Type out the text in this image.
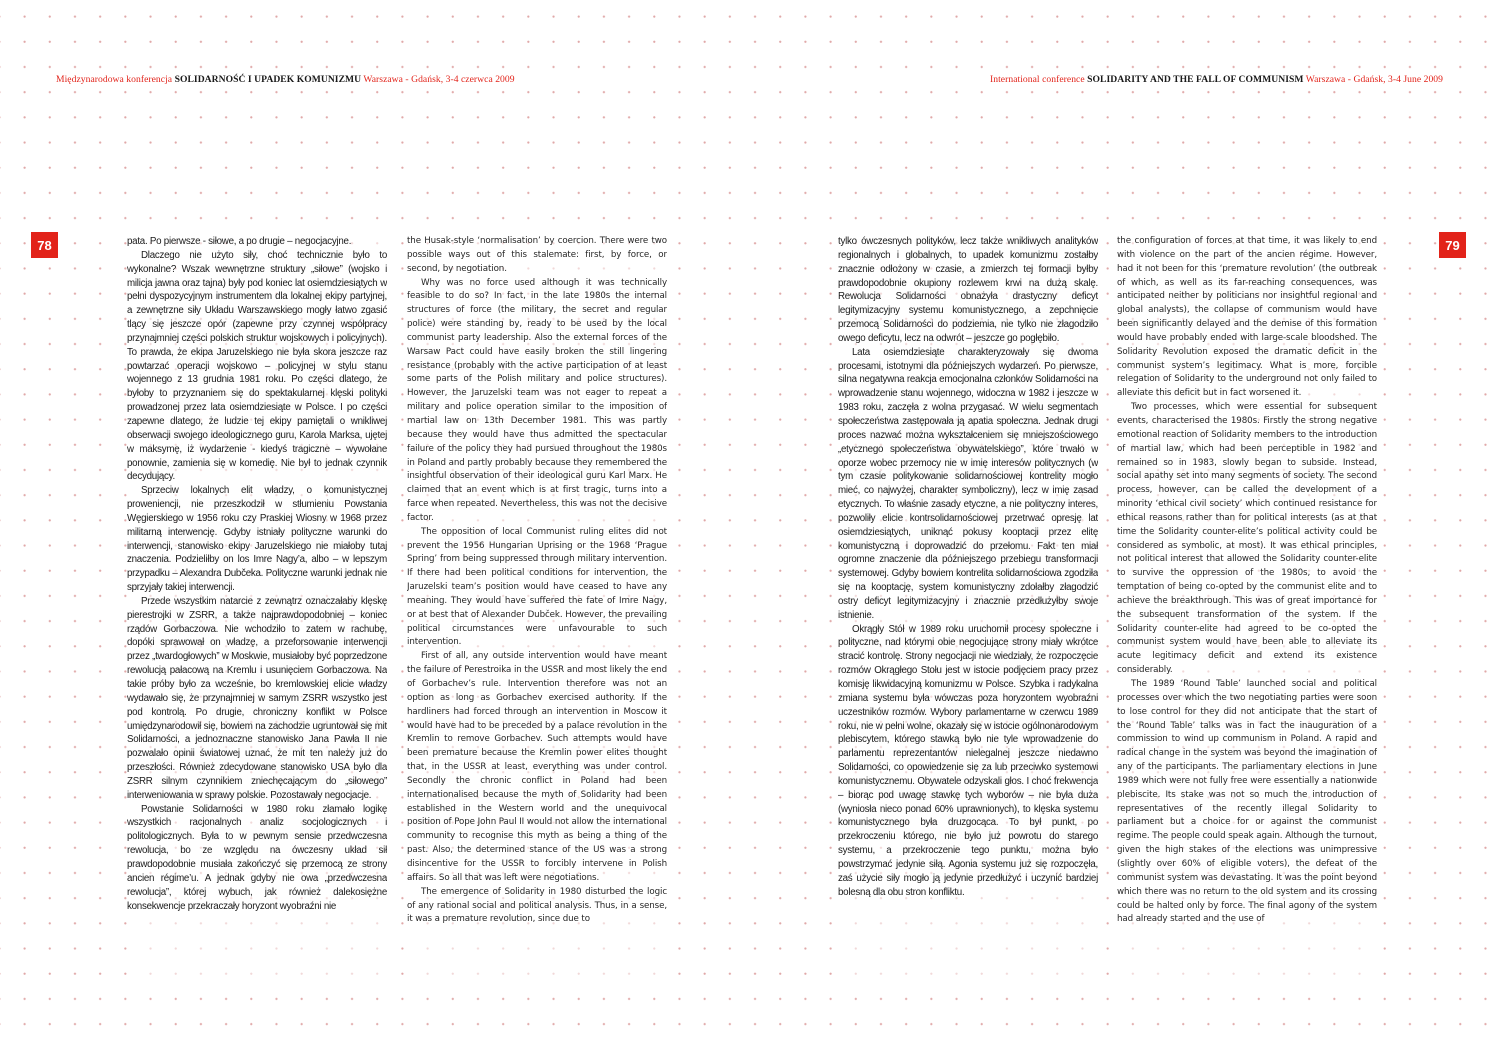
Międzynarodowa konferencja SOLIDARNOŚĆ I UPADEK KOMUNIZMU Warszawa - Gdańsk, 3-4 czerwca 2009	International conference SOLIDARITY AND THE FALL OF COMMUNISM Warszawa - Gdańsk, 3-4 June 2009
78	79

pata. Po pierwsze - siłowe, a po drugie – negocjacyjne.

Dlaczego nie użyto siły, choć technicznie było to wykonalne? Wszak wewnętrzne struktury „siłowe” (wojsko i milicja jawna oraz tajna) były pod koniec lat osiemdziesiątych w pełni dyspozycyjnym instrumentem dla lokalnej ekipy partyjnej, a zewnętrzne siły Układu Warszawskiego mogły łatwo zgasić tlący się jeszcze opór (zapewne przy czynnej współpracy przynajmniej części polskich struktur wojskowych i policyjnych). To prawda, że ekipa Jaruzelskiego nie była skora jeszcze raz powtarzać operacji wojskowo – policyjnej w stylu stanu wojennego z 13 grudnia 1981 roku. Po części dlatego, że byłoby to przyznaniem się do spektakularnej klęski polityki prowadzonej przez lata osiemdziesiąte w Polsce. I po części zapewne dlatego, że ludzie tej ekipy pamiętali o wnikliwej obserwacji swojego ideologicznego guru, Karola Marksa, ujętej w maksymę, iż wydarzenie - kiedyś tragiczne – wywołane ponownie, zamienia się w komedię. Nie był to jednak czynnik decydujący.

Sprzeciw lokalnych elit władzy, o komunistycznej proweniencji, nie przeszkodził w stłumieniu Powstania Węgierskiego w 1956 roku czy Praskiej Wiosny w 1968 przez militarną interwencję. Gdyby istniały polityczne warunki do interwencji, stanowisko ekipy Jaruzelskiego nie miałoby tutaj znaczenia. Podzieliłby on los Imre Nagy’a, albo – w lepszym przypadku – Alexandra Dubčeka. Polityczne warunki jednak nie sprzyjały takiej interwencji.

Przede wszystkim natarcie z zewnątrz oznaczałaby klęskę pierestrojki w ZSRR, a także najprawdopodobniej – koniec rządów Gorbaczowa. Nie wchodziło to zatem w rachubę, dopóki sprawował on władzę, a przeforsowanie interwencji przez „twardogłowych” w Moskwie, musiałoby być poprzedzone rewolucją pałacową na Kremlu i usunięciem Gorbaczowa. Na takie próby było za wcześnie, bo kremlowskiej elicie władzy wydawało się, że przynajmniej w samym ZSRR wszystko jest pod kontrolą. Po drugie, chroniczny konflikt w Polsce umiędzynarodowił się, bowiem na zachodzie ugruntował się mit Solidarności, a jednoznaczne stanowisko Jana Pawła II nie pozwalało opinii światowej uznać, że mit ten należy już do przeszłości. Również zdecydowane stanowisko USA było dla ZSRR silnym czynnikiem zniechęcającym do „siłowego” interweniowania w sprawy polskie. Pozostawały negocjacje.

Powstanie Solidarności w 1980 roku złamało logikę wszystkich racjonalnych analiz socjologicznych i politologicznych. Była to w pewnym sensie przedwczesna rewolucja, bo ze względu na ówczesny układ sił prawdopodobnie musiała zakończyć się przemocą ze strony ancien régime’u. A jednak gdyby nie owa „przedwczesna rewolucja”, której wybuch, jak również dalekosiężne konsekwencje przekraczały horyzont wyobraźni nie

the Husak-style ‘normalisation’ by coercion. There were two possible ways out of this stalemate: first, by force, or second, by negotiation.

Why was no force used although it was technically feasible to do so? In fact, in the late 1980s the internal structures of force (the military, the secret and regular police) were standing by, ready to be used by the local communist party leadership. Also the external forces of the Warsaw Pact could have easily broken the still lingering resistance (probably with the active participation of at least some parts of the Polish military and police structures). However, the Jaruzelski team was not eager to repeat a military and police operation similar to the imposition of martial law on 13th December 1981. This was partly because they would have thus admitted the spectacular failure of the policy they had pursued throughout the 1980s in Poland and partly probably because they remembered the insightful observation of their ideological guru Karl Marx. He claimed that an event which is at first tragic, turns into a farce when repeated. Nevertheless, this was not the decisive factor.

The opposition of local Communist ruling elites did not prevent the 1956 Hungarian Uprising or the 1968 ‘Prague Spring’ from being suppressed through military intervention. If there had been political conditions for intervention, the Jaruzelski team’s position would have ceased to have any meaning. They would have suffered the fate of Imre Nagy, or at best that of Alexander Dubček. However, the prevailing political circumstances were unfavourable to such intervention.

First of all, any outside intervention would have meant the failure of Perestroika in the USSR and most likely the end of Gorbachev’s rule. Intervention therefore was not an option as long as Gorbachev exercised authority. If the hardliners had forced through an intervention in Moscow it would have had to be preceded by a palace revolution in the Kremlin to remove Gorbachev. Such attempts would have been premature because the Kremlin power elites thought that, in the USSR at least, everything was under control. Secondly the chronic conflict in Poland had been internationalised because the myth of Solidarity had been established in the Western world and the unequivocal position of Pope John Paul II would not allow the international community to recognise this myth as being a thing of the past. Also, the determined stance of the US was a strong disincentive for the USSR to forcibly intervene in Polish affairs. So all that was left were negotiations.

The emergence of Solidarity in 1980 disturbed the logic of any rational social and political analysis. Thus, in a sense, it was a premature revolution, since due to

tylko ówczesnych polityków, lecz także wnikliwych analityków regionalnych i globalnych, to upadek komunizmu zostałby znacznie odłożony w czasie, a zmierzch tej formacji byłby prawdopodobnie okupiony rozlewem krwi na dużą skalę. Rewolucja Solidarności obnażyła drastyczny deficyt legitymizacyjny systemu komunistycznego, a zepchnięcie przemocą Solidarności do podziemia, nie tylko nie złagodziło owego deficytu, lecz na odwrót – jeszcze go pogłębiło.

Lata osiemdziesiąte charakteryzowały się dwoma procesami, istotnymi dla późniejszych wydarzeń. Po pierwsze, silna negatywna reakcja emocjonalna członków Solidarności na wprowadzenie stanu wojennego, widoczna w 1982 i jeszcze w 1983 roku, zaczęła z wolna przygasać. W wielu segmentach społeczeństwa zastępowała ją apatia społeczna. Jednak drugi proces nazwać można wykształceniem się mniejszościowego „etycznego społeczeństwa obywatelskiego”, które trwało w oporze wobec przemocy nie w imię interesów politycznych (w tym czasie politykowanie solidarnościowej kontrelity mogło mieć, co najwyżej, charakter symboliczny), lecz w imię zasad etycznych. To właśnie zasady etyczne, a nie polityczny interes, pozwoliły elicie kontrsolidarnościowej przetrwać opresję lat osiemdziesiątych, uniknąć pokusy kooptacji przez elitę komunistyczną i doprowadzić do przełomu. Fakt ten miał ogromne znaczenie dla późniejszego przebiegu transformacji systemowej. Gdyby bowiem kontrelita solidarnościowa zgodziła się na kooptację, system komunistyczny zdołałby złagodzić ostry deficyt legitymizacyjny i znacznie przedłużyłby swoje istnienie.

Okrągły Stół w 1989 roku uruchomił procesy społeczne i polityczne, nad którymi obie negocjujące strony miały wkrótce stracić kontrolę. Strony negocjacji nie wiedziały, że rozpoczęcie rozmów Okrągłego Stołu jest w istocie podjęciem pracy przez komisję likwidacyjną komunizmu w Polsce. Szybka i radykalna zmiana systemu była wówczas poza horyzontem wyobraźni uczestników rozmów. Wybory parlamentarne w czerwcu 1989 roku, nie w pełni wolne, okazały się w istocie ogólnonarodowym plebiscytem, którego stawką było nie tyle wprowadzenie do parlamentu reprezentantów nielegalnej jeszcze niedawno Solidarności, co opowiedzenie się za lub przeciwko systemowi komunistycznemu. Obywatele odzyskali głos. I choć frekwencja – biorąc pod uwagę stawkę tych wyborów – nie była duża (wyniosła nieco ponad 60% uprawnionych), to klęska systemu komunistycznego była druzgocąca. To był punkt, po przekroczeniu którego, nie było już powrotu do starego systemu, a przekroczenie tego punktu, można było powstrzymać jedynie siłą. Agonia systemu już się rozpoczęła, zaś użycie siły mogło ją jedynie przedłużyć i uczynić bardziej bolesną dla obu stron konfliktu.

the configuration of forces at that time, it was likely to end with violence on the part of the ancien régime. However, had it not been for this ‘premature revolution’ (the outbreak of which, as well as its far-reaching consequences, was anticipated neither by politicians nor insightful regional and global analysts), the collapse of communism would have been significantly delayed and the demise of this formation would have probably ended with large-scale bloodshed. The Solidarity Revolution exposed the dramatic deficit in the communist system’s legitimacy. What is more, forcible relegation of Solidarity to the underground not only failed to alleviate this deficit but in fact worsened it.

Two processes, which were essential for subsequent events, characterised the 1980s. Firstly the strong negative emotional reaction of Solidarity members to the introduction of martial law, which had been perceptible in 1982 and remained so in 1983, slowly began to subside. Instead, social apathy set into many segments of society. The second process, however, can be called the development of a minority ‘ethical civil society’ which continued resistance for ethical reasons rather than for political interests (as at that time the Solidarity counter-elite’s political activity could be considered as symbolic, at most). It was ethical principles, not political interest that allowed the Solidarity counter-elite to survive the oppression of the 1980s, to avoid the temptation of being co-opted by the communist elite and to achieve the breakthrough. This was of great importance for the subsequent transformation of the system. If the Solidarity counter-elite had agreed to be co-opted the communist system would have been able to alleviate its acute legitimacy deficit and extend its existence considerably.

The 1989 ‘Round Table’ launched social and political processes over which the two negotiating parties were soon to lose control for they did not anticipate that the start of the ‘Round Table’ talks was in fact the inauguration of a commission to wind up communism in Poland. A rapid and radical change in the system was beyond the imagination of any of the participants. The parliamentary elections in June 1989 which were not fully free were essentially a nationwide plebiscite. Its stake was not so much the introduction of representatives of the recently illegal Solidarity to parliament but a choice for or against the communist regime. The people could speak again. Although the turnout, given the high stakes of the elections was unimpressive (slightly over 60% of eligible voters), the defeat of the communist system was devastating. It was the point beyond which there was no return to the old system and its crossing could be halted only by force. The final agony of the system had already started and the use of
